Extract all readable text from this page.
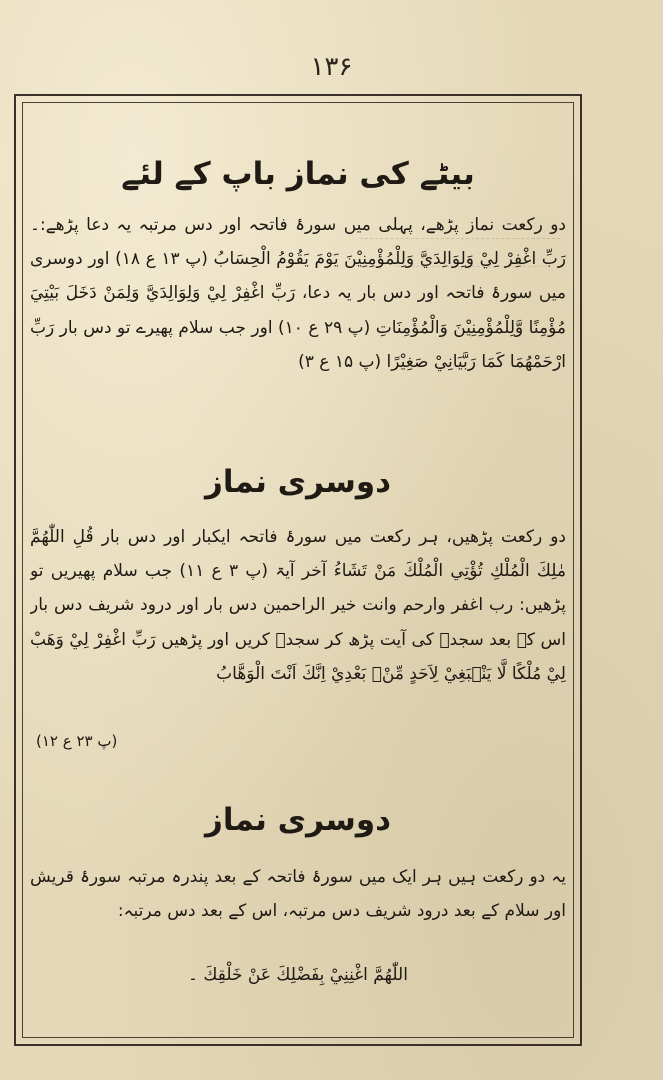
۱۳۶
بیٹے کی نماز باپ کے لئے
دو رکعت نماز پڑھے، پہلی میں سورۂ فاتحہ اور دس مرتبہ یہ دعا پڑھے:۔ رَبِّ اغْفِرْ لِيْ وَلِوَالِدَيَّ وَلِلْمُؤْمِنِيْنَ يَوْمَ يَقُوْمُ الْحِسَابُ (پ ۱۳ ع ۱۸) اور دوسری میں سورۂ فاتحہ اور دس بار یہ دعا، رَبِّ اغْفِرْ لِيْ وَلِوَالِدَيَّ وَلِمَنْ دَخَلَ بَيْتِيَ مُؤْمِنًا وَّلِلْمُؤْمِنِيْنَ وَالْمُؤْمِنَاتِ (پ ۲۹ ع ۱۰) اور جب سلام پھیرے تو دس بار رَبِّ ارْحَمْهُمَا كَمَا رَبَّيَانِيْ صَغِيْرًا (پ ۱۵ ع ۳)
دوسری نماز
دو رکعت پڑھیں، ہر رکعت میں سورۂ فاتحہ ایکبار اور دس بار قُلِ اللّٰهُمَّ مٰلِكَ الْمُلْكِ تُؤْتِي الْمُلْكَ مَنْ تَشَاءُ آخر آیۃ (پ ۳ ع ۱۱) جب سلام پھیریں تو پڑھیں: رب اغفر وارحم وانت خیر الراحمین دس بار اور درود شریف دس بار اس کے بعد سجدہ کی آیت پڑھ کر سجدہ کریں اور پڑھیں رَبِّ اغْفِرْ لِيْ وَهَبْ لِيْ مُلْكًا لَّا يَنْۢبَغِيْ لِاَحَدٍ مِّنْۢ بَعْدِيْ اِنَّكَ اَنْتَ الْوَهَّابُ
(پ ۲۳ ع ۱۲)
دوسری نماز
یہ دو رکعت ہیں ہر ایک میں سورۂ فاتحہ کے بعد پندرہ مرتبہ سورۂ قریش اور سلام کے بعد درود شریف دس مرتبہ، اس کے بعد دس مرتبہ:
اللّٰهُمَّ اغْنِنِيْ بِفَضْلِكَ عَنْ خَلْقِكَ ۔
